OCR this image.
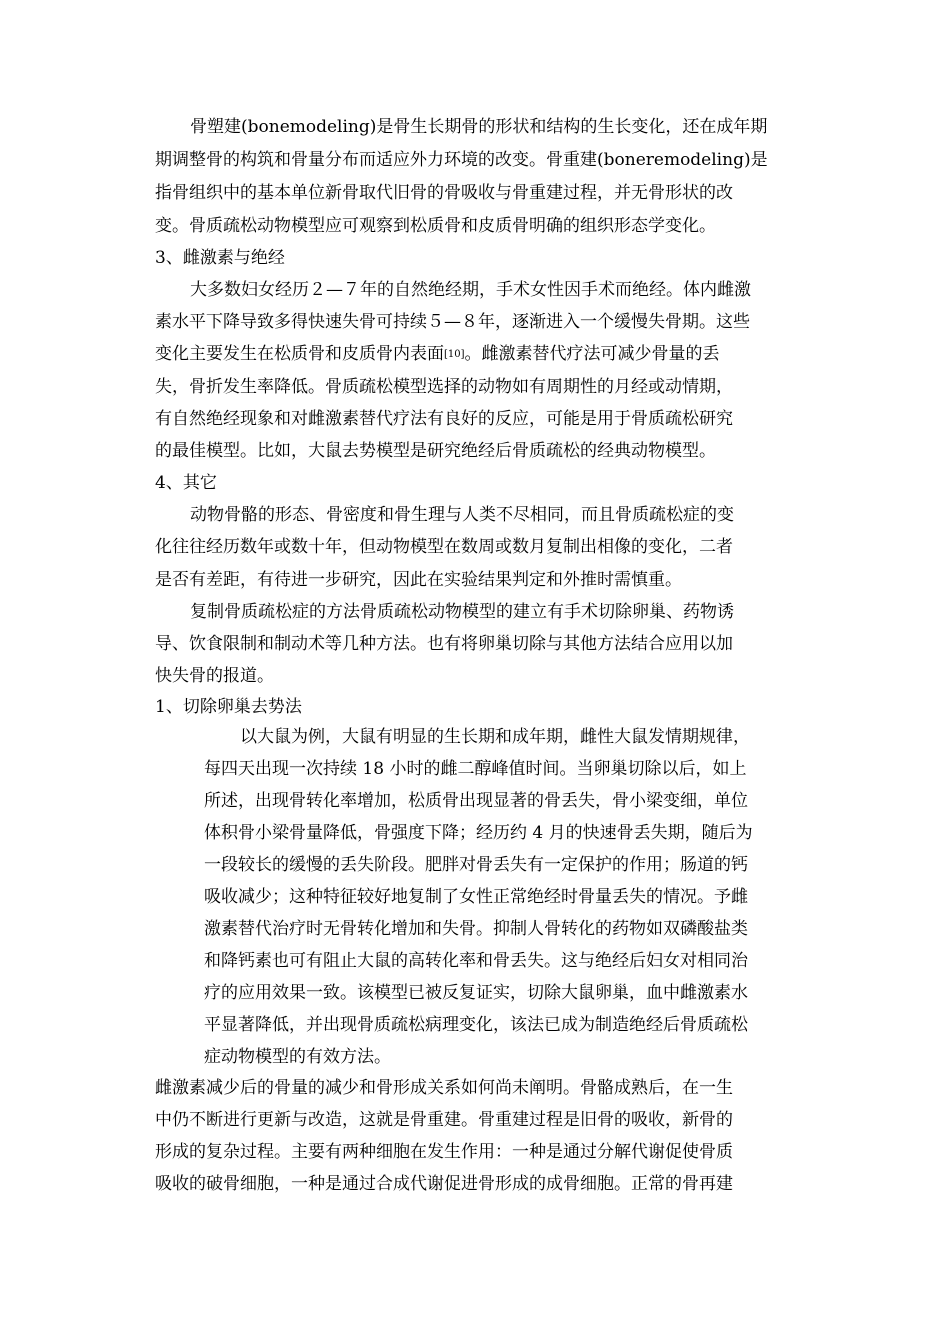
骨塑建(bonemodeling)是骨生长期骨的形状和结构的生长变化，还在成年期
期调整骨的构筑和骨量分布而适应外力环境的改变。骨重建(boneremodeling)是
指骨组织中的基本单位新骨取代旧骨的骨吸收与骨重建过程，并无骨形状的改
变。骨质疏松动物模型应可观察到松质骨和皮质骨明确的组织形态学变化。
3、雌激素与绝经
大多数妇女经历２—７年的自然绝经期，手术女性因手术而绝经。体内雌激
素水平下降导致多得快速失骨可持续５—８年，逐渐进入一个缓慢失骨期。这些
变化主要发生在松质骨和皮质骨内表面[10]。雌激素替代疗法可减少骨量的丢
失，骨折发生率降低。骨质疏松模型选择的动物如有周期性的月经或动情期，
有自然绝经现象和对雌激素替代疗法有良好的反应，可能是用于骨质疏松研究
的最佳模型。比如，大鼠去势模型是研究绝经后骨质疏松的经典动物模型。
4、其它
动物骨骼的形态、骨密度和骨生理与人类不尽相同，而且骨质疏松症的变
化往往经历数年或数十年，但动物模型在数周或数月复制出相像的变化，二者
是否有差距，有待进一步研究，因此在实验结果判定和外推时需慎重。
复制骨质疏松症的方法骨质疏松动物模型的建立有手术切除卵巢、药物诱
导、饮食限制和制动术等几种方法。也有将卵巢切除与其他方法结合应用以加
快失骨的报道。
1、切除卵巢去势法
以大鼠为例，大鼠有明显的生长期和成年期，雌性大鼠发情期规律，
每四天出现一次持续 18 小时的雌二醇峰值时间。当卵巢切除以后，如上
所述，出现骨转化率增加，松质骨出现显著的骨丢失，骨小梁变细，单位
体积骨小梁骨量降低，骨强度下降；经历约 4 月的快速骨丢失期，随后为
一段较长的缓慢的丢失阶段。肥胖对骨丢失有一定保护的作用；肠道的钙
吸收减少；这种特征较好地复制了女性正常绝经时骨量丢失的情况。予雌
激素替代治疗时无骨转化增加和失骨。抑制人骨转化的药物如双磷酸盐类
和降钙素也可有阻止大鼠的高转化率和骨丢失。这与绝经后妇女对相同治
疗的应用效果一致。该模型已被反复证实，切除大鼠卵巢，血中雌激素水
平显著降低，并出现骨质疏松病理变化，该法已成为制造绝经后骨质疏松
症动物模型的有效方法。
雌激素减少后的骨量的减少和骨形成关系如何尚未阐明。骨骼成熟后，在一生
中仍不断进行更新与改造，这就是骨重建。骨重建过程是旧骨的吸收，新骨的
形成的复杂过程。主要有两种细胞在发生作用：一种是通过分解代谢促使骨质
吸收的破骨细胞，一种是通过合成代谢促进骨形成的成骨细胞。正常的骨再建
